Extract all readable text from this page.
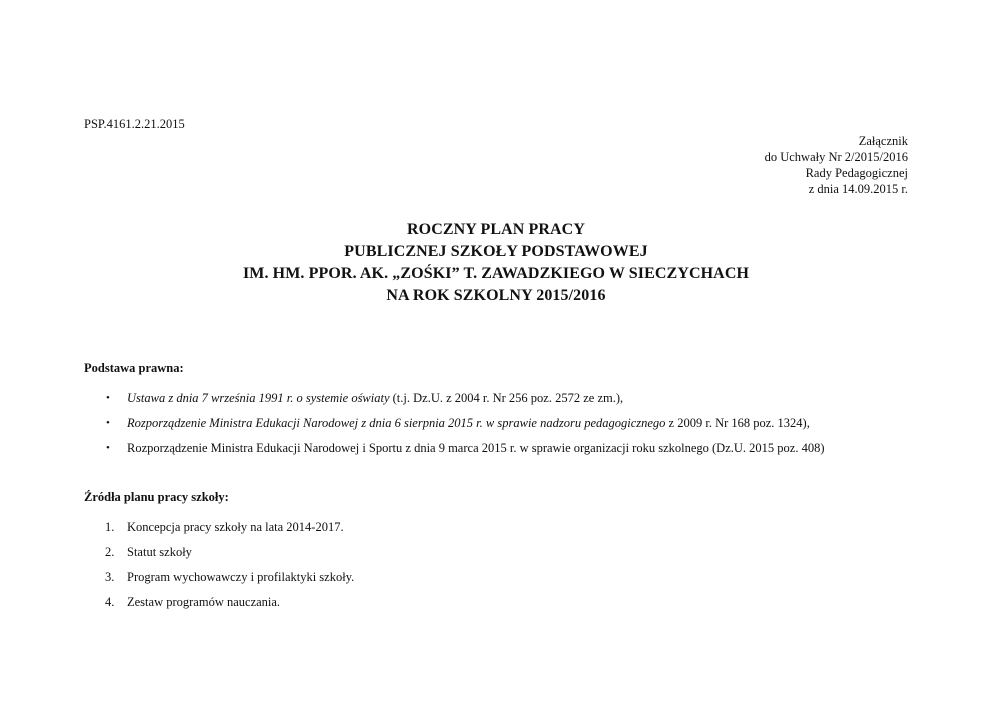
PSP.4161.2.21.2015
Załącznik
do Uchwały Nr 2/2015/2016
Rady Pedagogicznej
z dnia 14.09.2015 r.
ROCZNY PLAN PRACY
PUBLICZNEJ SZKOŁY PODSTAWOWEJ
IM. HM. PPOR. AK. „ZOŚKI” T. ZAWADZKIEGO W SIECZYCHACH
NA ROK SZKOLNY 2015/2016
Podstawa prawna:
• Ustawa z dnia 7 września 1991 r. o systemie oświaty (t.j. Dz.U. z 2004 r. Nr 256 poz. 2572 ze zm.),
• Rozporządzenie Ministra Edukacji Narodowej z dnia 6 sierpnia 2015 r. w sprawie nadzoru pedagogicznego z 2009 r. Nr 168 poz. 1324),
• Rozporządzenie Ministra Edukacji Narodowej i Sportu z dnia 9 marca 2015 r. w sprawie organizacji roku szkolnego (Dz.U. 2015 poz. 408)
Źródła planu pracy szkoły:
1. Koncepcja pracy szkoły na lata 2014-2017.
2. Statut szkoły
3. Program wychowawczy i profilaktyki szkoły.
4. Zestaw programów nauczania.
